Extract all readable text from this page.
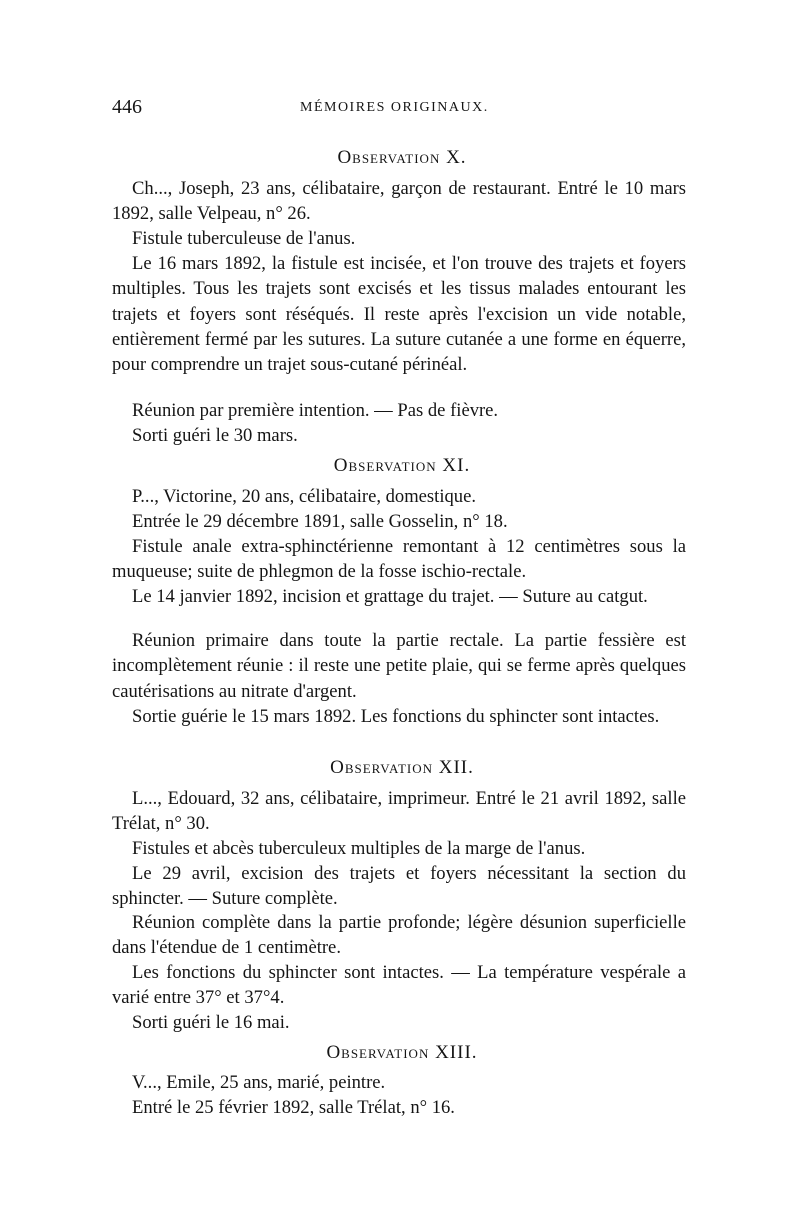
446	MÉMOIRES ORIGINAUX.
Observation X.

Ch..., Joseph, 23 ans, célibataire, garçon de restaurant. Entré le 10 mars 1892, salle Velpeau, n° 26.

Fistule tuberculeuse de l'anus.

Le 16 mars 1892, la fistule est incisée, et l'on trouve des trajets et foyers multiples. Tous les trajets sont excisés et les tissus malades entourant les trajets et foyers sont réséqués. Il reste après l'excision un vide notable, entièrement fermé par les sutures. La suture cutanée a une forme en équerre, pour comprendre un trajet sous-cutané périnéal.

Réunion par première intention. — Pas de fièvre.

Sorti guéri le 30 mars.

Observation XI.

P..., Victorine, 20 ans, célibataire, domestique.

Entrée le 29 décembre 1891, salle Gosselin, n° 18.

Fistule anale extra-sphinctérienne remontant à 12 centimètres sous la muqueuse; suite de phlegmon de la fosse ischio-rectale.

Le 14 janvier 1892, incision et grattage du trajet. — Suture au catgut.

Réunion primaire dans toute la partie rectale. La partie fessière est incomplètement réunie : il reste une petite plaie, qui se ferme après quelques cautérisations au nitrate d'argent.

Sortie guérie le 15 mars 1892. Les fonctions du sphincter sont intactes.

Observation XII.

L..., Edouard, 32 ans, célibataire, imprimeur. Entré le 21 avril 1892, salle Trélat, n° 30.

Fistules et abcès tuberculeux multiples de la marge de l'anus.

Le 29 avril, excision des trajets et foyers nécessitant la section du sphincter. — Suture complète.

Réunion complète dans la partie profonde; légère désunion superficielle dans l'étendue de 1 centimètre.

Les fonctions du sphincter sont intactes. — La température vespérale a varié entre 37° et 37°4.

Sorti guéri le 16 mai.

Observation XIII.

V..., Emile, 25 ans, marié, peintre.

Entré le 25 février 1892, salle Trélat, n° 16.
